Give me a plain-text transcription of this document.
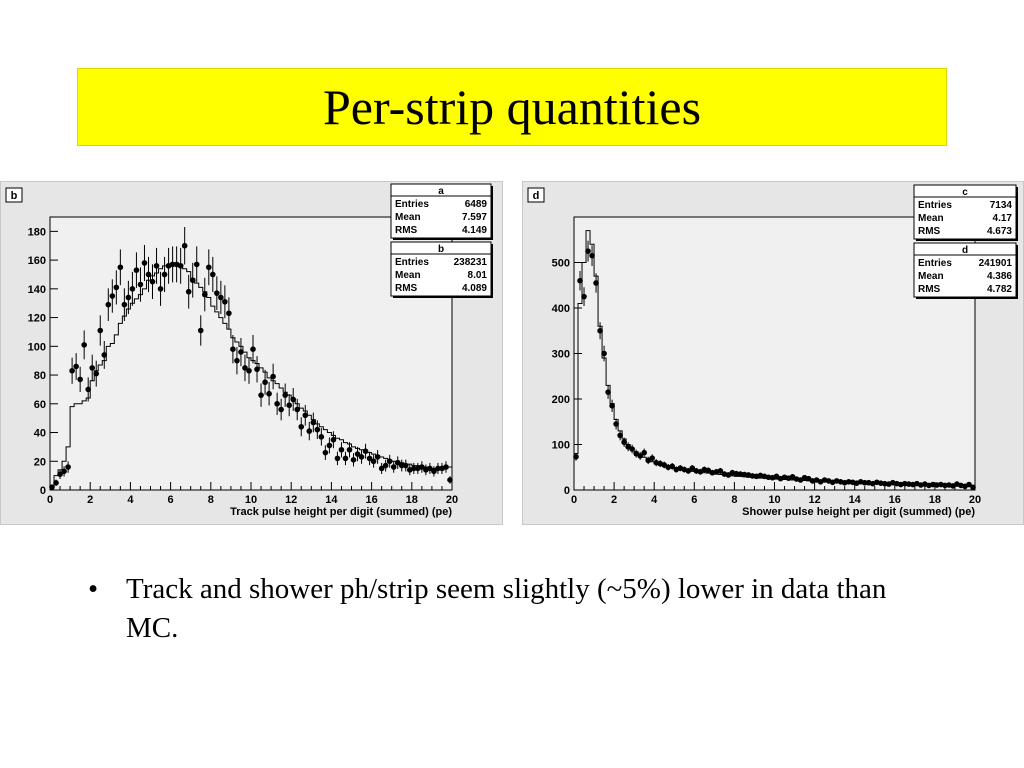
Per-strip quantities
b
0	2	4	6	8	10	12	14	16	18	20
0
20
40
60
80
100
120
140
160
180
Track pulse height per digit (summed) (pe)
a
Entries	6489
Mean	7.597
RMS	4.149
b
Entries 238231
Mean	8.01
RMS	4.089
d
0	2	4	6	8	10	12	14	16	18	20
0
100
200
300
400
500
Shower pulse height per digit (summed) (pe)
c
Entries	7134
Mean	4.17
RMS	4.673
d
Entries	241901
Mean	4.386
RMS	4.782
• Track and shower ph/strip seem slightly (~5%) lower in data than MC.
